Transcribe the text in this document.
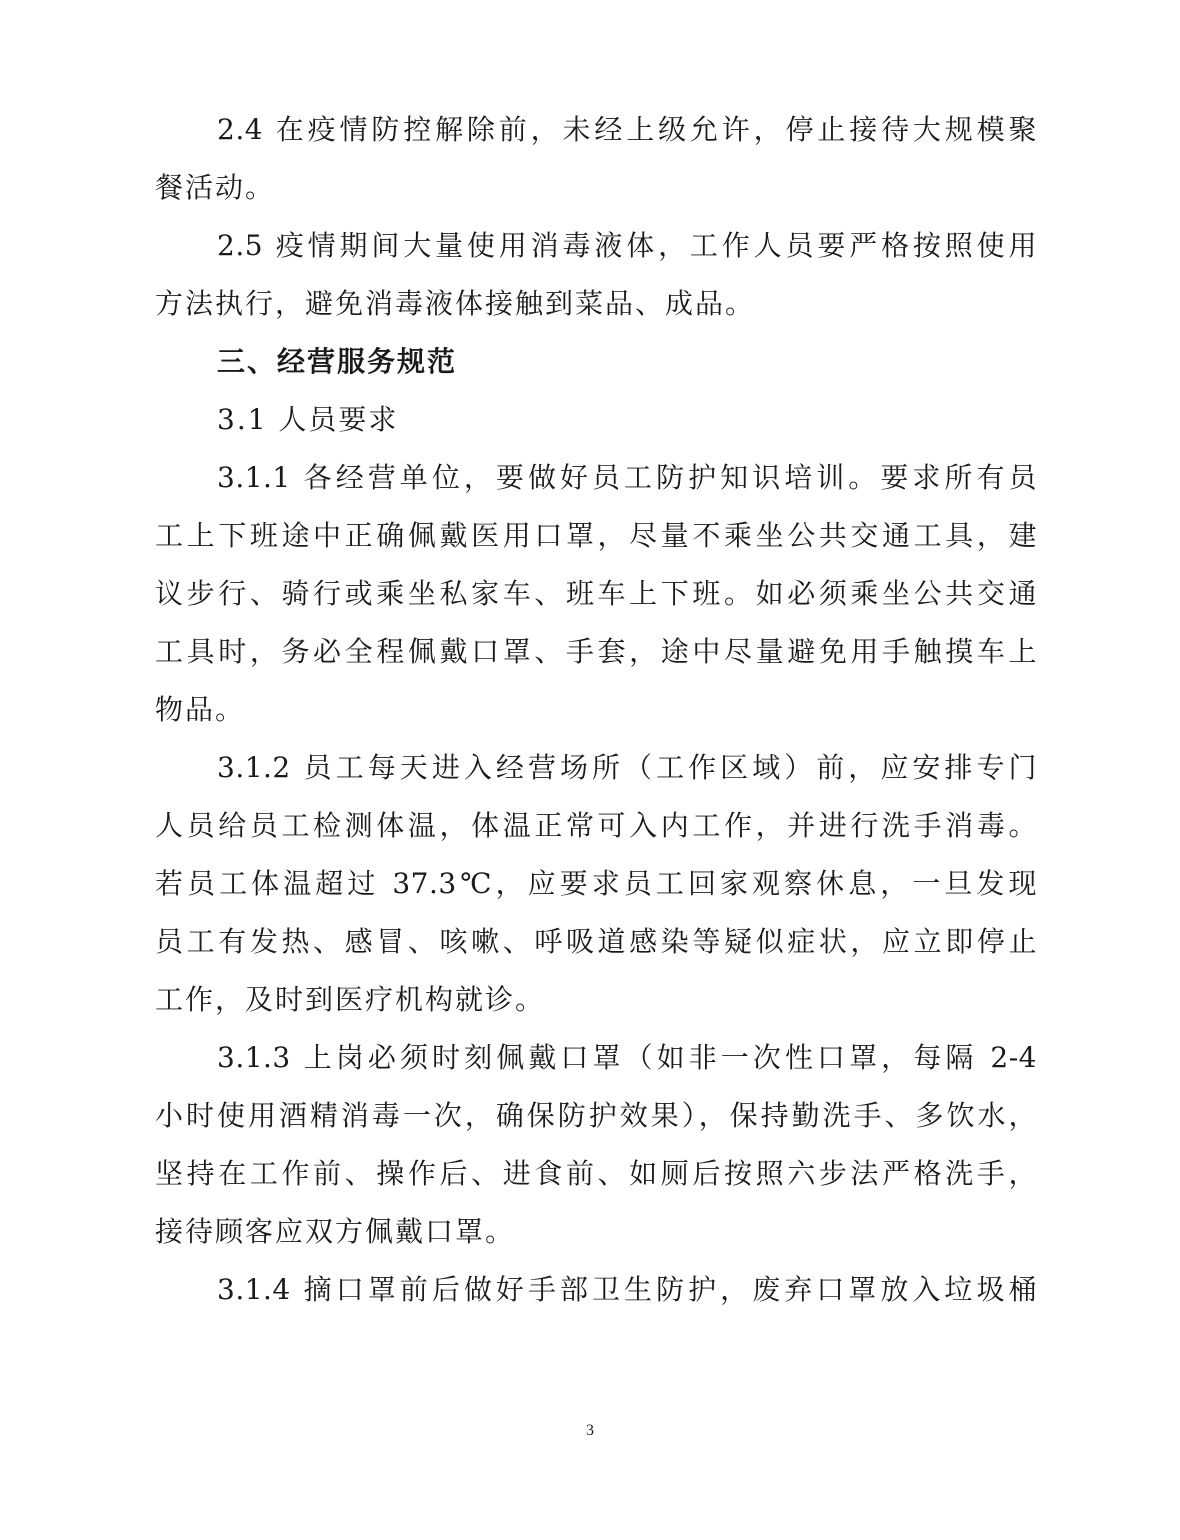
2.4 在疫情防控解除前，未经上级允许，停止接待大规模聚
餐活动。
2.5 疫情期间大量使用消毒液体，工作人员要严格按照使用
方法执行，避免消毒液体接触到菜品、成品。
三、经营服务规范
3.1 人员要求
3.1.1 各经营单位，要做好员工防护知识培训。要求所有员
工上下班途中正确佩戴医用口罩，尽量不乘坐公共交通工具，建
议步行、骑行或乘坐私家车、班车上下班。如必须乘坐公共交通
工具时，务必全程佩戴口罩、手套，途中尽量避免用手触摸车上
物品。
3.1.2 员工每天进入经营场所（工作区域）前，应安排专门
人员给员工检测体温，体温正常可入内工作，并进行洗手消毒。
若员工体温超过 37.3℃，应要求员工回家观察休息，一旦发现
员工有发热、感冒、咳嗽、呼吸道感染等疑似症状，应立即停止
工作，及时到医疗机构就诊。
3.1.3 上岗必须时刻佩戴口罩（如非一次性口罩，每隔 2-4
小时使用酒精消毒一次，确保防护效果），保持勤洗手、多饮水，
坚持在工作前、操作后、进食前、如厕后按照六步法严格洗手，
接待顾客应双方佩戴口罩。
3.1.4 摘口罩前后做好手部卫生防护，废弃口罩放入垃圾桶
3
